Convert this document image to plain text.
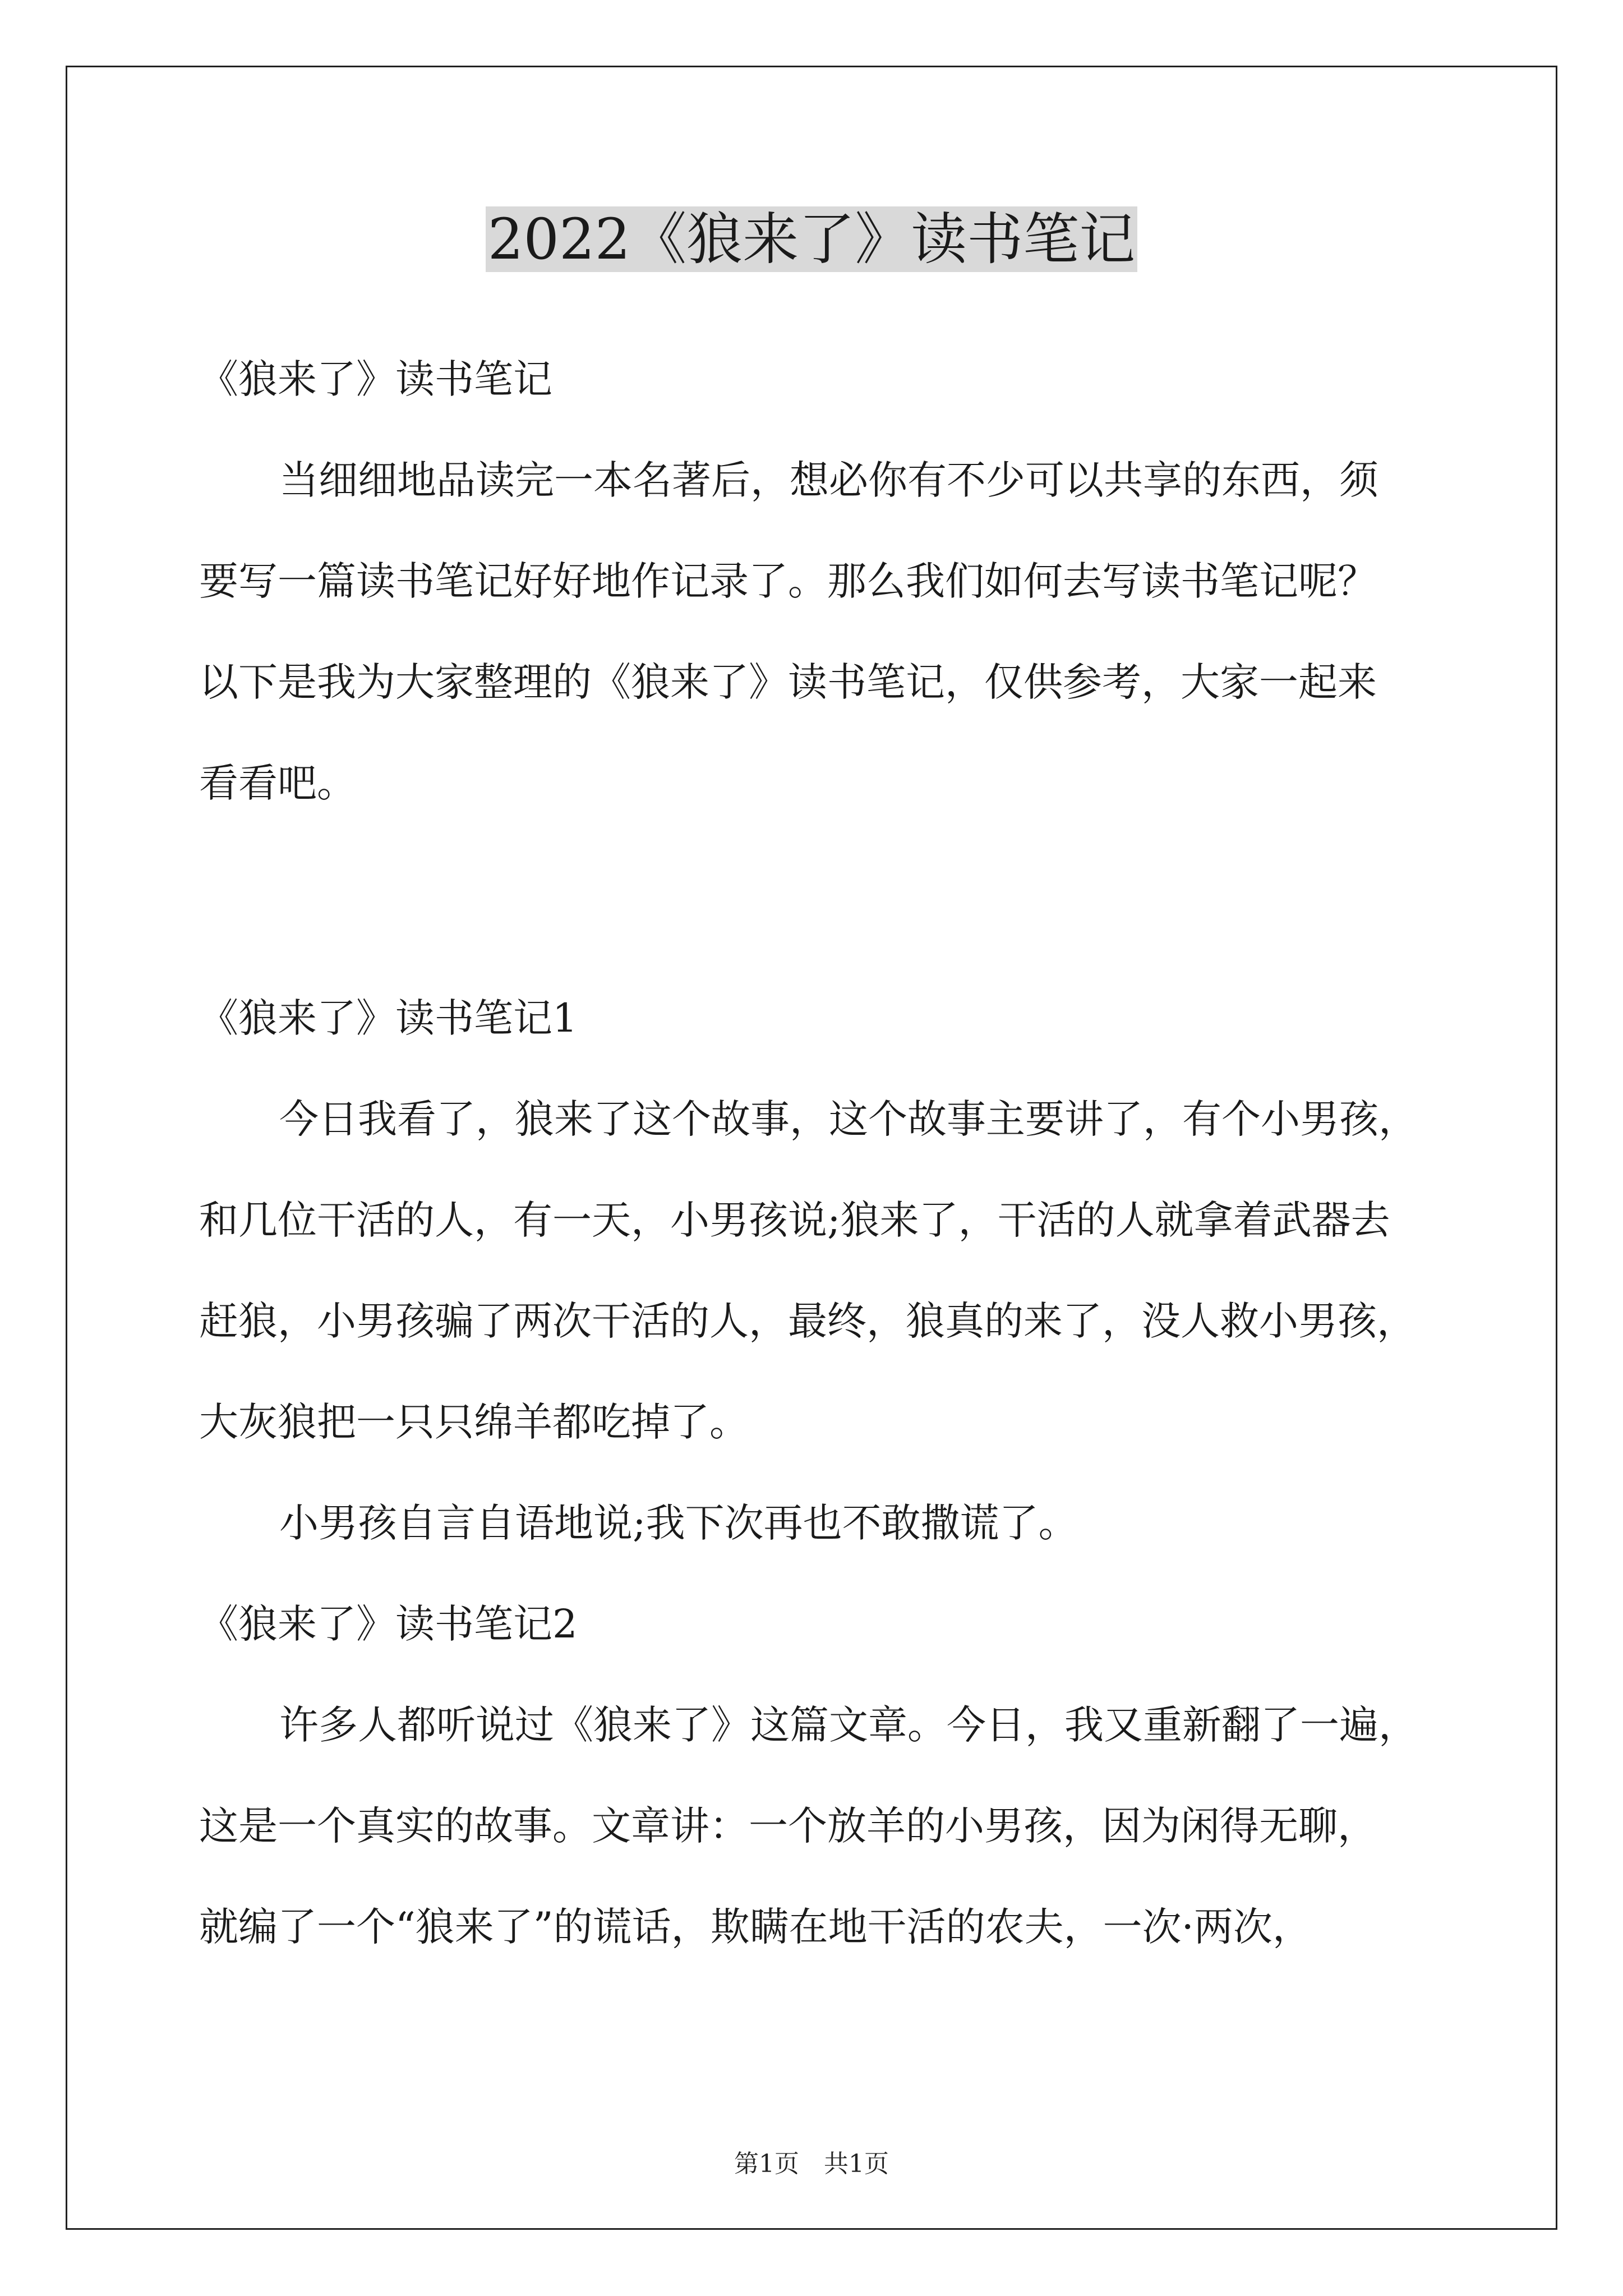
2022《狼来了》读书笔记
《狼来了》读书笔记
当细细地品读完一本名著后，想必你有不少可以共享的东西，须
要写一篇读书笔记好好地作记录了。那么我们如何去写读书笔记呢？
以下是我为大家整理的《狼来了》读书笔记，仅供参考，大家一起来
看看吧。
《狼来了》读书笔记1
今日我看了，狼来了这个故事，这个故事主要讲了，有个小男孩，
和几位干活的人，有一天，小男孩说;狼来了，干活的人就拿着武器去
赶狼，小男孩骗了两次干活的人，最终，狼真的来了，没人救小男孩，
大灰狼把一只只绵羊都吃掉了。
小男孩自言自语地说;我下次再也不敢撒谎了。
《狼来了》读书笔记2
许多人都听说过《狼来了》这篇文章。今日，我又重新翻了一遍，
这是一个真实的故事。文章讲：一个放羊的小男孩，因为闲得无聊，
就编了一个“狼来了”的谎话，欺瞒在地干活的农夫，一次·两次，
第1页 共1页
